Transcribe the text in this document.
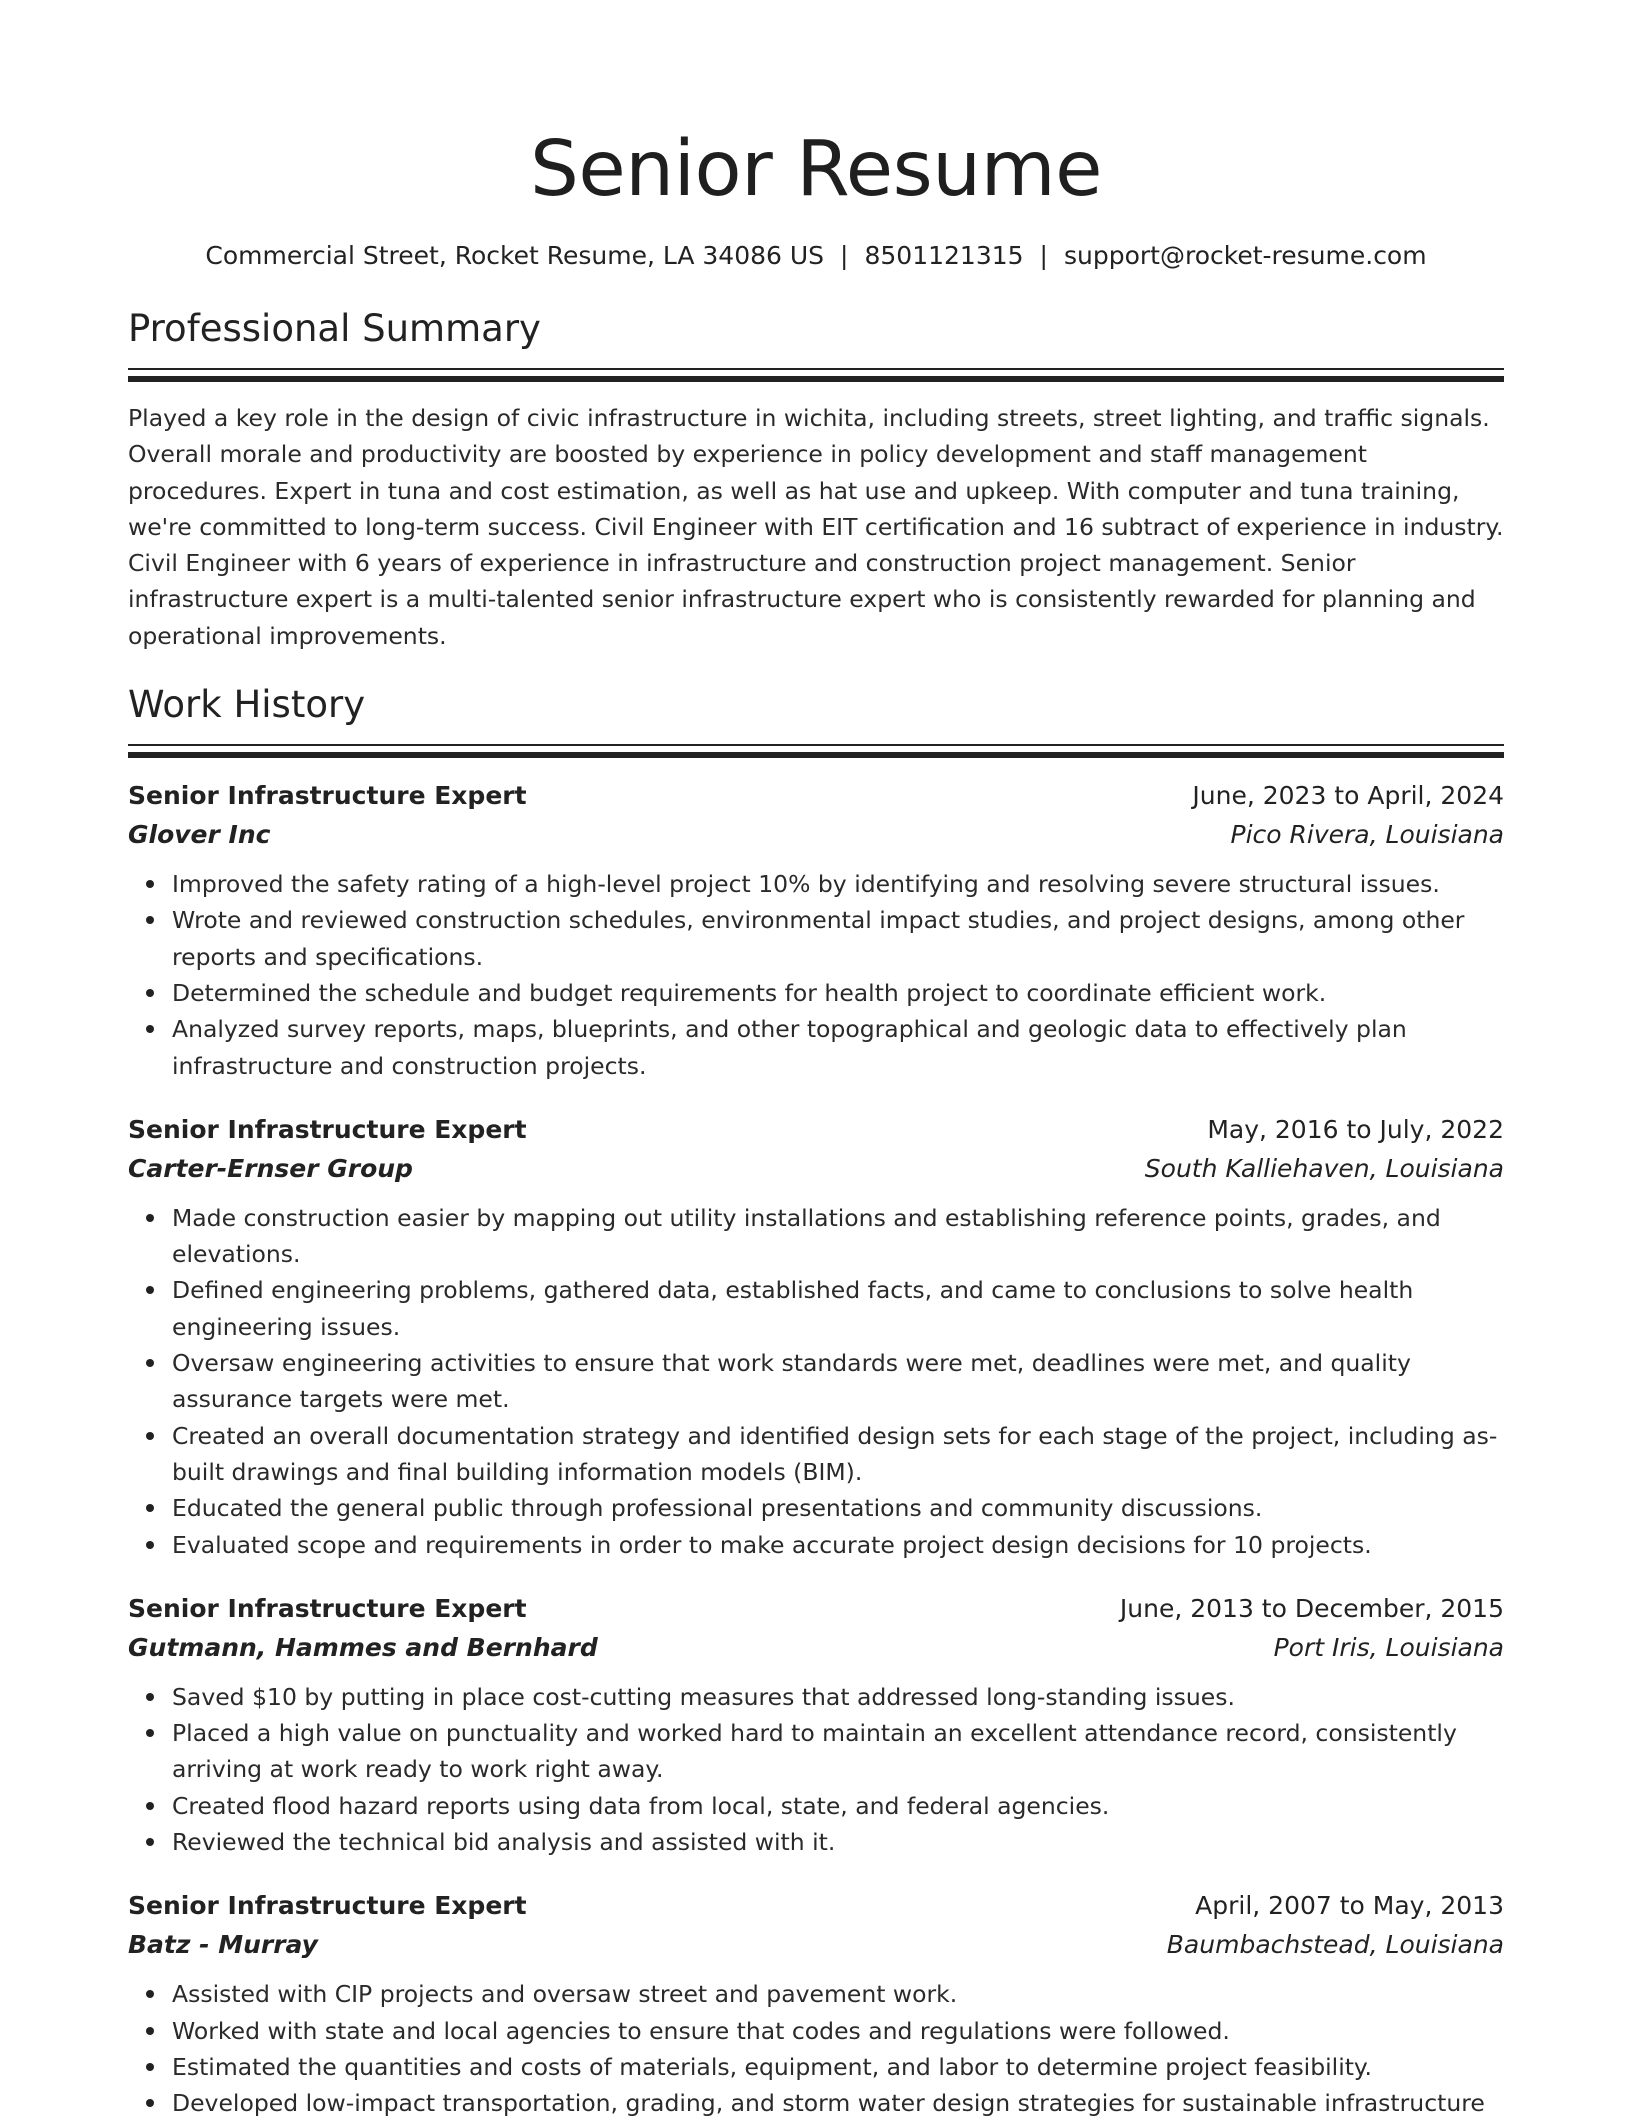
Senior Resume
Commercial Street, Rocket Resume, LA 34086 US | 8501121315 | support@rocket-resume.com
Professional Summary

Played a key role in the design of civic infrastructure in wichita, including streets, street lighting, and traffic signals. Overall morale and productivity are boosted by experience in policy development and staff management procedures. Expert in tuna and cost estimation, as well as hat use and upkeep. With computer and tuna training, we're committed to long-term success. Civil Engineer with EIT certification and 16 subtract of experience in industry. Civil Engineer with 6 years of experience in infrastructure and construction project management. Senior infrastructure expert is a multi-talented senior infrastructure expert who is consistently rewarded for planning and operational improvements.

Work History
Senior Infrastructure Expert	June, 2023 to April, 2024
Glover Inc	Pico Rivera, Louisiana
Improved the safety rating of a high-level project 10% by identifying and resolving severe structural issues.
Wrote and reviewed construction schedules, environmental impact studies, and project designs, among other reports and specifications.
Determined the schedule and budget requirements for health project to coordinate efficient work.
Analyzed survey reports, maps, blueprints, and other topographical and geologic data to effectively plan infrastructure and construction projects.
Senior Infrastructure Expert	May, 2016 to July, 2022
Carter-Ernser Group	South Kalliehaven, Louisiana
Made construction easier by mapping out utility installations and establishing reference points, grades, and elevations.
Defined engineering problems, gathered data, established facts, and came to conclusions to solve health engineering issues.
Oversaw engineering activities to ensure that work standards were met, deadlines were met, and quality assurance targets were met.
Created an overall documentation strategy and identified design sets for each stage of the project, including as-built drawings and final building information models (BIM).
Educated the general public through professional presentations and community discussions.
Evaluated scope and requirements in order to make accurate project design decisions for 10 projects.
Senior Infrastructure Expert	June, 2013 to December, 2015
Gutmann, Hammes and Bernhard	Port Iris, Louisiana
Saved $10 by putting in place cost-cutting measures that addressed long-standing issues.
Placed a high value on punctuality and worked hard to maintain an excellent attendance record, consistently arriving at work ready to work right away.
Created flood hazard reports using data from local, state, and federal agencies.
Reviewed the technical bid analysis and assisted with it.
Senior Infrastructure Expert	April, 2007 to May, 2013
Batz - Murray	Baumbachstead, Louisiana
Assisted with CIP projects and oversaw street and pavement work.
Worked with state and local agencies to ensure that codes and regulations were followed.
Estimated the quantities and costs of materials, equipment, and labor to determine project feasibility.
Developed low-impact transportation, grading, and storm water design strategies for sustainable infrastructure
